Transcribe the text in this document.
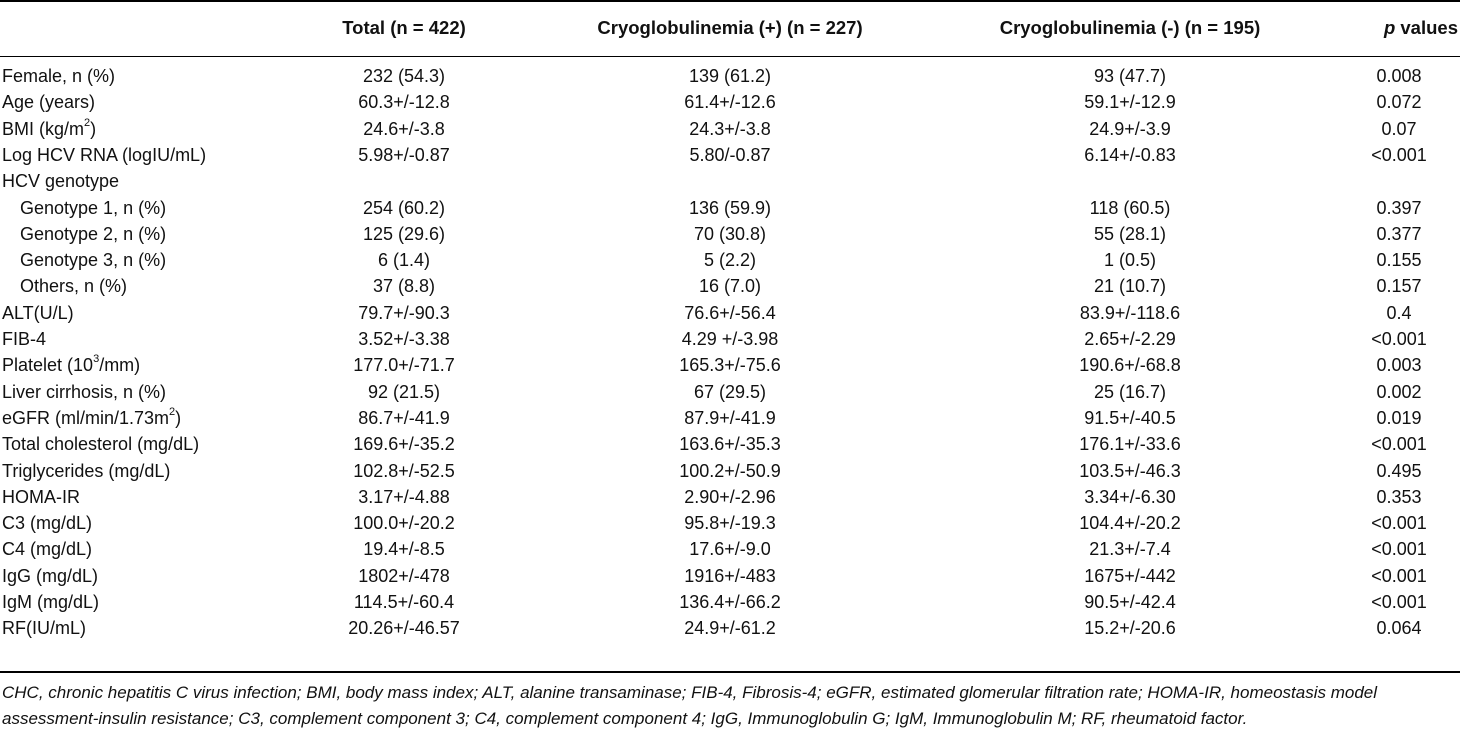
Total (n = 422)	Cryoglobulinemia (+) (n = 227)	Cryoglobulinemia (-) (n = 195)	p values
Female, n (%)	232 (54.3)	139 (61.2)	93 (47.7)	0.008
Age (years)	60.3+/-12.8	61.4+/-12.6	59.1+/-12.9	0.072
BMI $(kg/m^2)$	24.6+/-3.8	24.3+/-3.8	24.9+/-3.9	0.07
Log HCV RNA (logIU/mL)	5.98+/-0.87	5.80/-0.87	6.14+/-0.83	<0.001
HCV genotype
Genotype 1, n (%)	254 (60.2)	136 (59.9)	118 (60.5)	0.397
Genotype 2, n (%)	125 (29.6)	70 (30.8)	55 (28.1)	0.377
Genotype 3, n (%)	6 (1.4)	5 (2.2)	1 (0.5)	0.155
Others, n (%)	37 (8.8)	16 (7.0)	21 (10.7)	0.157
ALT(U/L)	79.7+/-90.3	76.6+/-56.4	83.9+/-118.6	0.4
FIB-4	3.52+/-3.38	4.29 +/-3.98	2.65+/-2.29	<0.001
Platelet $(10^3/mm)$	177.0+/-71.7	165.3+/-75.6	190.6+/-68.8	0.003
Liver cirrhosis, n (%)	92 (21.5)	67 (29.5)	25 (16.7)	0.002
eGFR $(ml/\min/1.73m^2)$	86.7+/-41.9	87.9+/-41.9	91.5+/-40.5	0.019
Total cholesterol (mg/dL)	169.6+/-35.2	163.6+/-35.3	176.1+/-33.6	<0.001
Triglycerides (mg/dL)	102.8+/-52.5	100.2+/-50.9	103.5+/-46.3	0.495
HOMA-IR	3.17+/-4.88	2.90+/-2.96	3.34+/-6.30	0.353
C3 (mg/dL)	100.0+/-20.2	95.8+/-19.3	104.4+/-20.2	<0.001
C4 (mg/dL)	19.4+/-8.5	17.6+/-9.0	21.3+/-7.4	<0.001
IgG (mg/dL)	1802+/-478	1916+/-483	1675+/-442	<0.001
IgM (mg/dL)	114.5+/-60.4	136.4+/-66.2	90.5+/-42.4	<0.001
RF(IU/mL)	20.26+/-46.57	24.9+/-61.2	15.2+/-20.6	0.064
CHC, chronic hepatitis C virus infection; BMI, body mass index; ALT, alanine transaminase; FIB-4, Fibrosis-4; eGFR, estimated glomerular filtration rate; HOMA-IR, homeostasis model assessment-insulin resistance; C3, complement component 3; C4, complement component 4; IgG, Immunoglobulin G; IgM, Immunoglobulin M; RF, rheumatoid factor.
